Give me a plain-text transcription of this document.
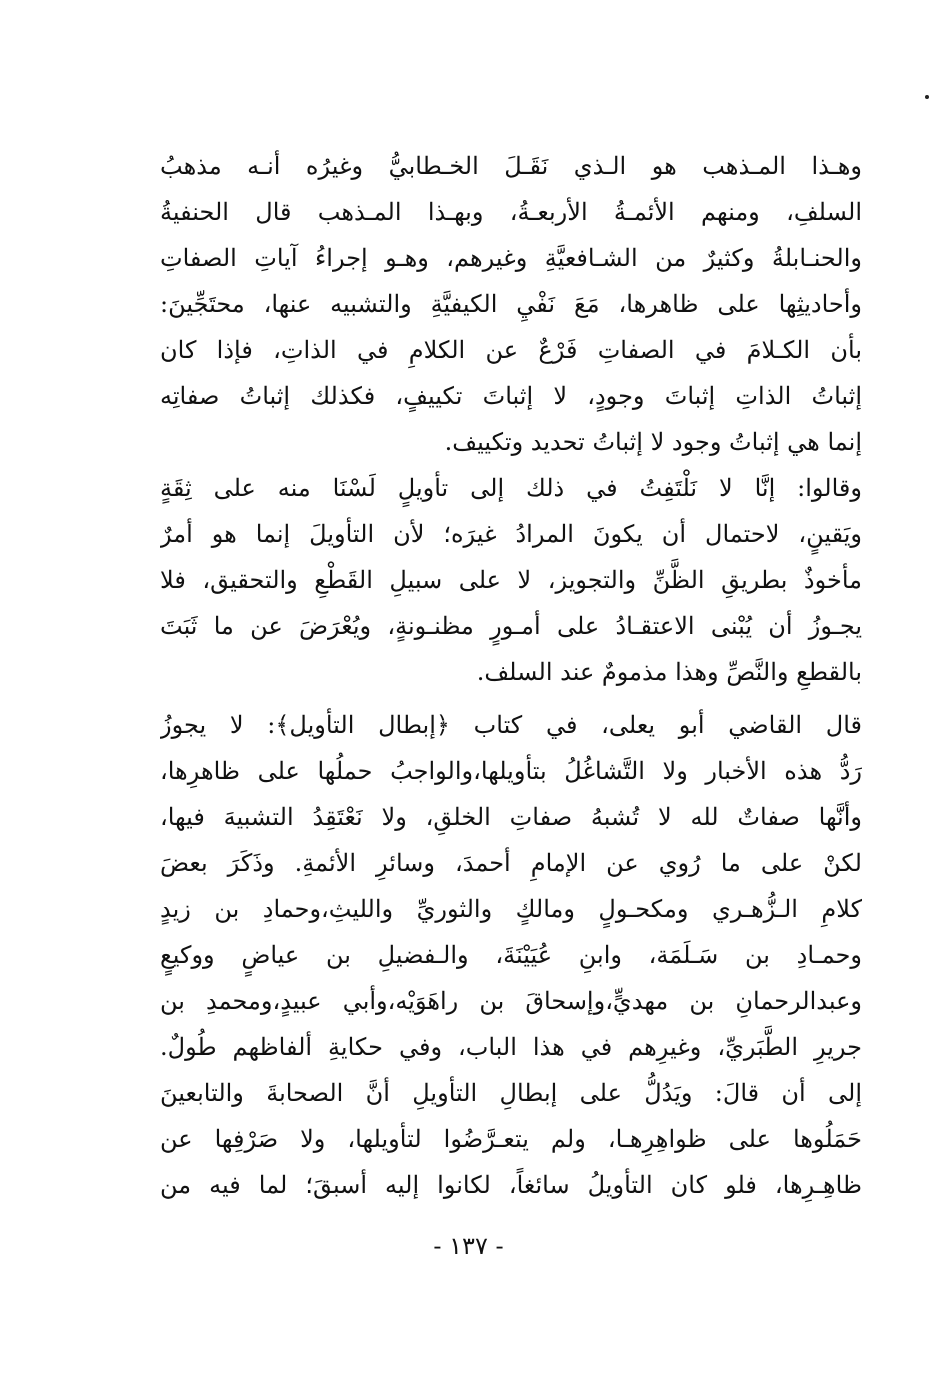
وهـذا المـذهب هو الـذي نَقَـلَ الخـطابيُّ وغيرُه أنـه مذهبُ
السلفِ، ومنهم الأئمـةُ الأربعـةُ، وبهـذا المـذهب قال الحنفيةُ
والحنـابلةُ وكثيرٌ من الشـافعيَّةِ وغيرهم، وهـو إجراءُ آياتِ الصفاتِ
وأحاديثِها على ظاهرها، مَعَ نَفْيِ الكيفيَّةِ والتشبيه عنها، محتَجِّينَ:
بأن الكـلامَ في الصفاتِ فَرْعٌ عن الكلامِ في الذاتِ، فإذا كان
إثباتُ الذاتِ إثباتَ وجودٍ، لا إثباتَ تكييفٍ، فكذلك إثباتُ صفاتِه
إنما هي إثباتُ وجود لا إثباتُ تحديد وتكييف.
وقالوا: إنَّا لا نَلْتَفِتُ في ذلك إلى تأويلٍ لَسْنَا منه على ثِقَةٍ
ويَقينٍ، لاحتمال أن يكونَ المرادُ غيرَه؛ لأن التأويلَ إنما هو أمرٌ
مأخوذٌ بطريقِ الظَّنِّ والتجويز، لا على سبيلِ القَطْعِ والتحقيق، فلا
يجـوزُ أن يُبْنى الاعتقـادُ على أمـورٍ مظنـونةٍ، ويُعْرَضَ عن ما ثَبَتَ
بالقطعِ والنَّصِّ وهذا مذمومٌ عند السلف.
قال القاضي أبو يعلى، في كتاب ﴿إبطال التأويل﴾: لا يجوزُ
رَدُّ هذه الأخبار ولا التَّشاغُلُ بتأويلها،والواجبُ حملُها على ظاهرِها،
وأنَّها صفاتٌ لله لا تُشبهُ صفاتِ الخلقِ، ولا نَعْتَقِدُ التشبيهَ فيها،
لكنْ على ما رُوي عن الإمامِ أحمدَ، وسائرِ الأئمةِ. وذَكَرَ بعضَ
كلامِ الـزُّهـري ومكحـولٍ ومالكٍ والثوريِّ والليثِ،وحمادِ بن زيدٍ
وحمـادِ بن سَـلَمَة، وابنِ عُيَيْنَةَ، والـفضيلِ بن عياضٍ ووكيعٍ
وعبدالرحمانِ بن مهديٍّ،وإسحاقَ بن راهَوَيْه،وأبي عبيدٍ،ومحمدِ بن
جريرِ الطَّبَريِّ، وغيرِهم في هذا الباب، وفي حكايةِ ألفاظهم طُولٌ.
إلى أن قالَ: ويَدُلُّ على إبطالِ التأويلِ أنَّ الصحابةَ والتابعينَ
حَمَلُوها على ظواهِرِهـا، ولم يتعـرَّضُوا لتأويلها، ولا صَرْفِها عن
ظاهِـرِها، فلو كان التأويلُ سائغاً، لكانوا إليه أسبقَ؛ لما فيه من
- ١٣٧ -
